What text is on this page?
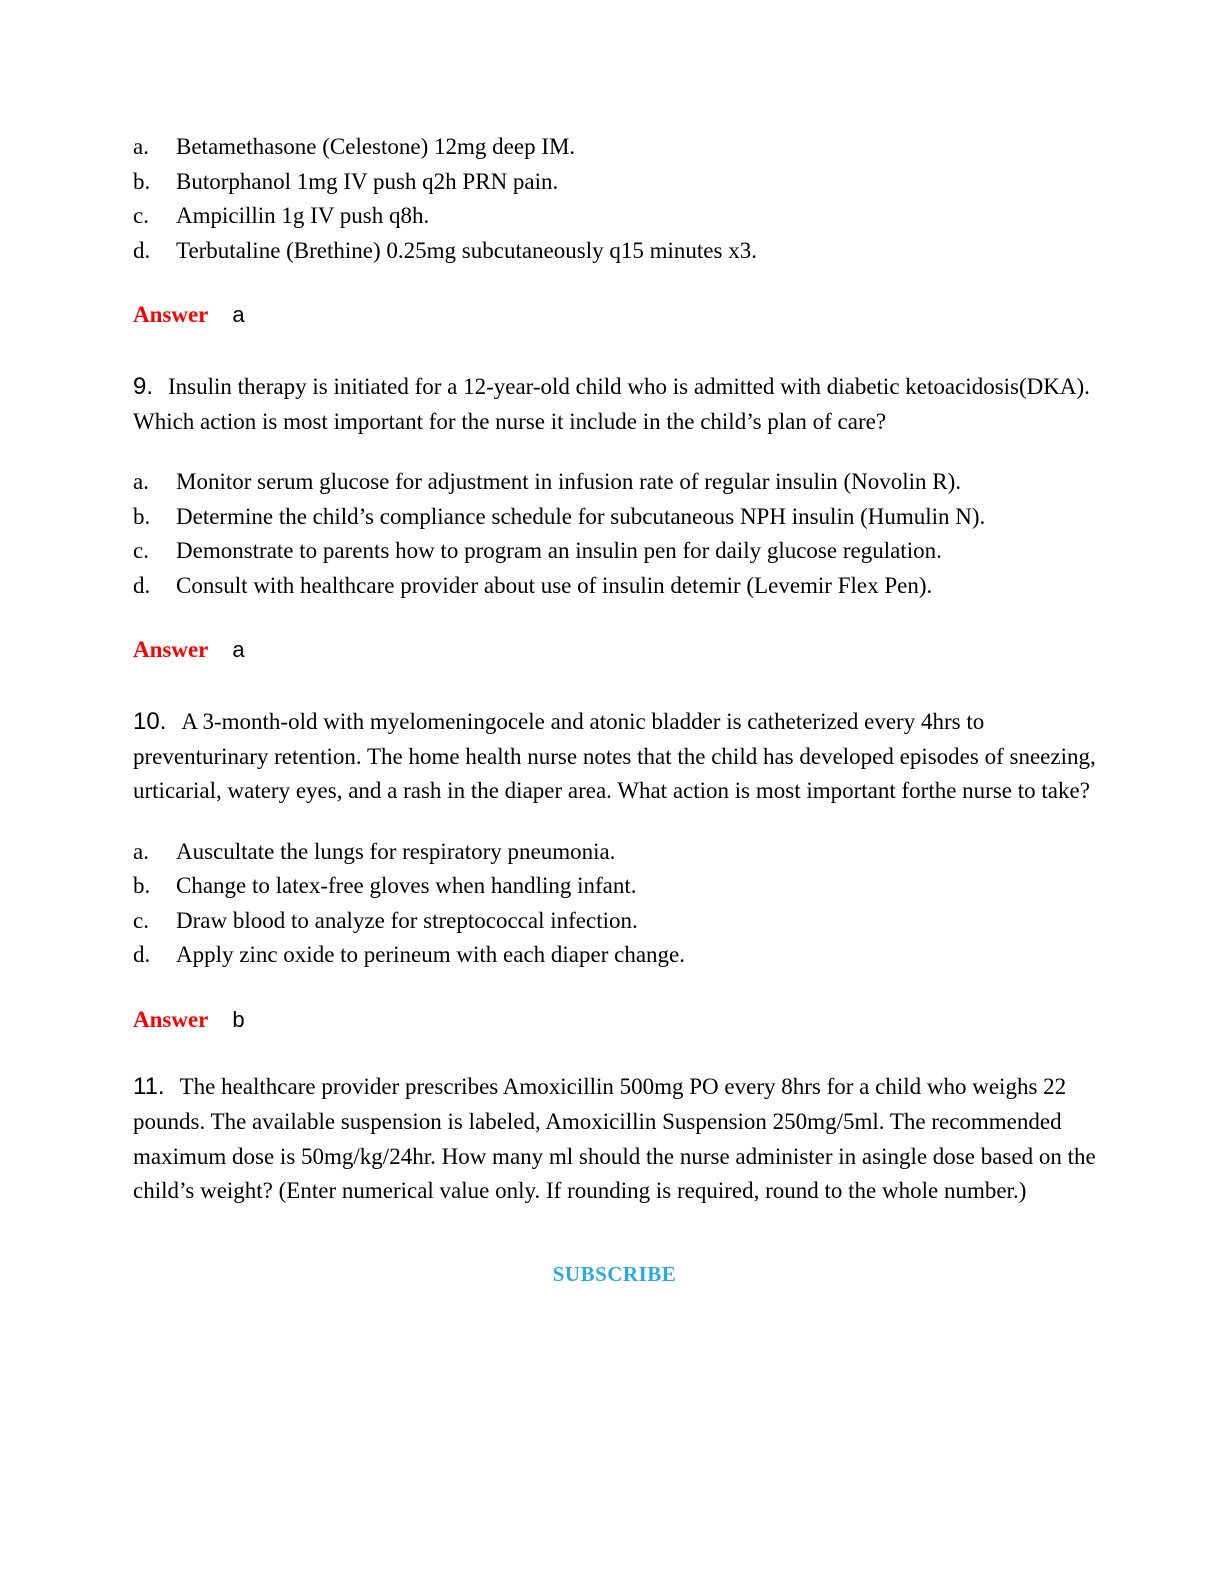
a. Betamethasone (Celestone) 12mg deep IM.
b. Butorphanol 1mg IV push q2h PRN pain.
c. Ampicillin 1g IV push q8h.
d. Terbutaline (Brethine) 0.25mg subcutaneously q15 minutes x3.
Answer a
9. Insulin therapy is initiated for a 12-year-old child who is admitted with diabetic ketoacidosis(DKA). Which action is most important for the nurse it include in the child’s plan of care?
a. Monitor serum glucose for adjustment in infusion rate of regular insulin (Novolin R).
b. Determine the child’s compliance schedule for subcutaneous NPH insulin (Humulin N).
c. Demonstrate to parents how to program an insulin pen for daily glucose regulation.
d. Consult with healthcare provider about use of insulin detemir (Levemir Flex Pen).
Answer a
10. A 3-month-old with myelomeningocele and atonic bladder is catheterized every 4hrs to preventurinary retention. The home health nurse notes that the child has developed episodes of sneezing, urticarial, watery eyes, and a rash in the diaper area. What action is most important forthe nurse to take?
a. Auscultate the lungs for respiratory pneumonia.
b. Change to latex-free gloves when handling infant.
c. Draw blood to analyze for streptococcal infection.
d. Apply zinc oxide to perineum with each diaper change.
Answer b
11. The healthcare provider prescribes Amoxicillin 500mg PO every 8hrs for a child who weighs 22 pounds. The available suspension is labeled, Amoxicillin Suspension 250mg/5ml. The recommended maximum dose is 50mg/kg/24hr. How many ml should the nurse administer in asingle dose based on the child’s weight? (Enter numerical value only. If rounding is required, round to the whole number.)
SUBSCRIBE
